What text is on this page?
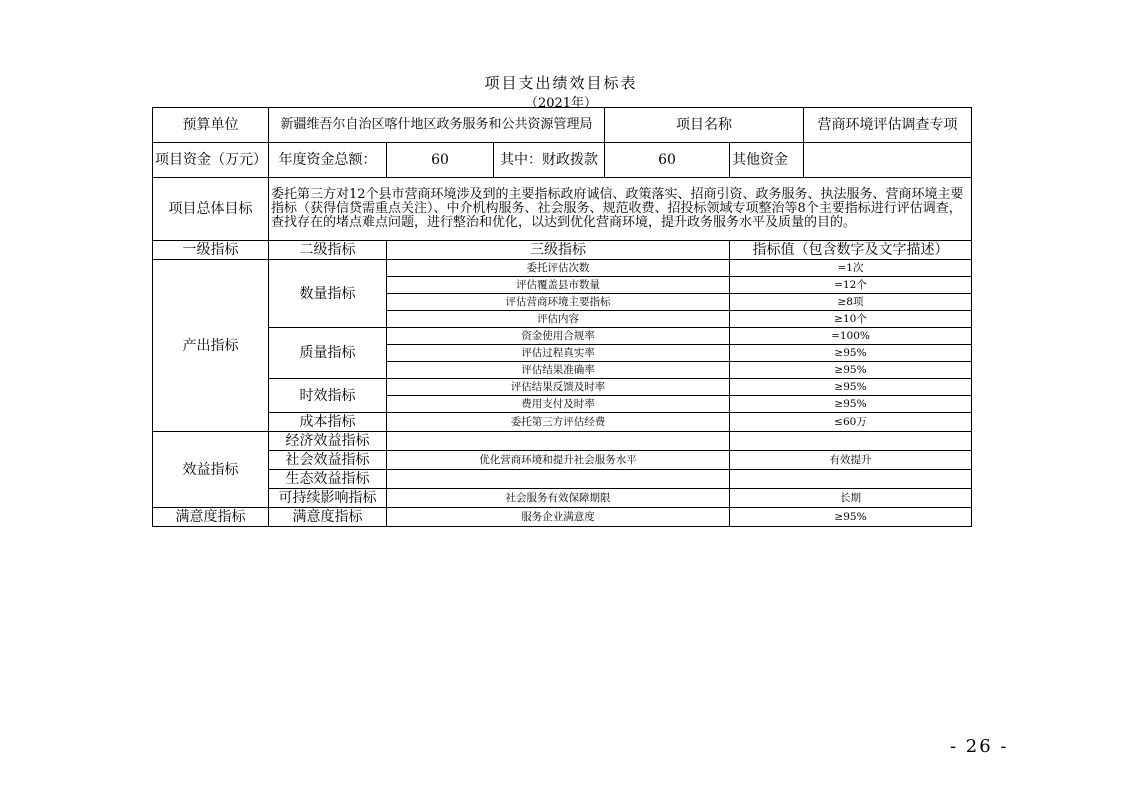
项目支出绩效目标表
（2021年）
预算单位	新疆维吾尔自治区喀什地区政务服务和公共资源管理局			项目名称		营商环境评估调查专项
项目资金（万元）	年度资金总额：	60	其中：财政拨款	60	其他资金	
项目总体目标	委托第三方对12个县市营商环境涉及到的主要指标政府诚信、政策落实、招商引资、政务服务、执法服务、营商环境主要指标（获得信贷需重点关注）、中介机构服务、社会服务、规范收费、招投标领域专项整治等8个主要指标进行评估调查，查找存在的堵点难点问题，进行整治和优化，以达到优化营商环境，提升政务服务水平及质量的目的。					
一级指标	二级指标	三级指标			指标值（包含数字及文字描述）	
产出指标	数量指标	委托评估次数			=1次	
		评估覆盖县市数量			=12个	
		评估营商环境主要指标			≥8项	
		评估内容			≥10个	
	质量指标	资金使用合规率			=100%	
		评估过程真实率			≥95%	
		评估结果准确率			≥95%	
	时效指标	评估结果反馈及时率			≥95%	
		费用支付及时率			≥95%	
	成本指标	委托第三方评估经费			≤60万	
效益指标	经济效益指标					
	社会效益指标	优化营商环境和提升社会服务水平			有效提升	
	生态效益指标					
	可持续影响指标	社会服务有效保障期限			长期	
满意度指标	满意度指标	服务企业满意度			≥95%	
- 26 -
